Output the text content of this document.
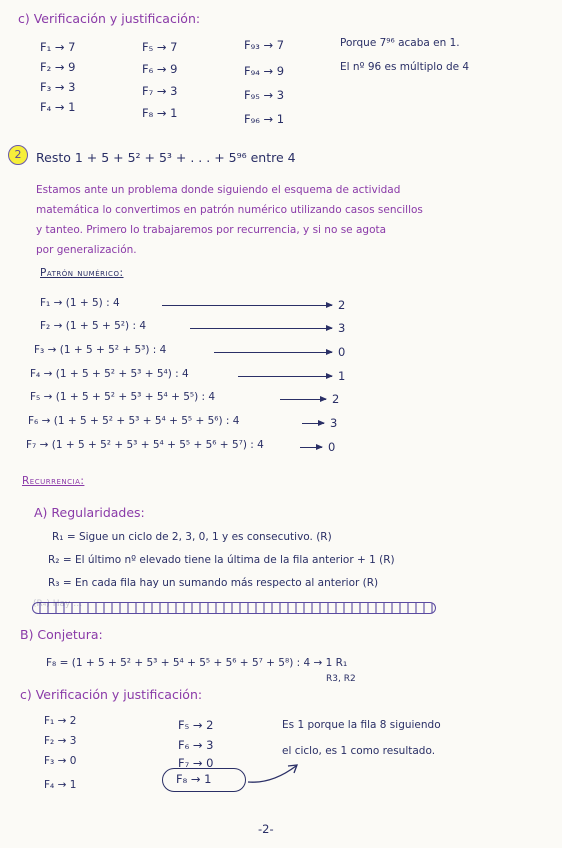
c) Verificación y justificación:
F₁ → 7
F₂ → 9
F₃ → 3
F₄ → 1
F₅ → 7
F₆ → 9
F₇ → 3
F₈ → 1
F₉₃ → 7
F₉₄ → 9
F₉₅ → 3
F₉₆ → 1
Porque 7⁹⁶ acaba en 1.
El nº 96 es múltiplo de 4
2	Resto 1 + 5 + 5² + 5³ + . . . + 5⁹⁶ entre 4
Estamos ante un problema donde siguiendo el esquema de actividad
matemática lo convertimos en patrón numérico utilizando casos sencillos
y tanteo. Primero lo trabajaremos por recurrencia, y si no se agota
por generalización.
Patrón numérico:
F₁ → (1 + 5) : 4	2
F₂ → (1 + 5 + 5²) : 4	3
F₃ → (1 + 5 + 5² + 5³) : 4	0
F₄ → (1 + 5 + 5² + 5³ + 5⁴) : 4	1
F₅ → (1 + 5 + 5² + 5³ + 5⁴ + 5⁵) : 4	2
F₆ → (1 + 5 + 5² + 5³ + 5⁴ + 5⁵ + 5⁶) : 4	3
F₇ → (1 + 5 + 5² + 5³ + 5⁴ + 5⁵ + 5⁶ + 5⁷) : 4	0
Recurrencia:
A) Regularidades:
R₁ = Sigue un ciclo de 2, 3, 0, 1 y es consecutivo. (R)
R₂ = El último nº elevado tiene la última de la fila anterior + 1 (R)
R₃ = En cada fila hay un sumando más respecto al anterior (R)
(R₄) Hay …
B) Conjetura:
F₈ = (1 + 5 + 5² + 5³ + 5⁴ + 5⁵ + 5⁶ + 5⁷ + 5⁸) : 4 → 1 R₁
R3, R2
c) Verificación y justificación:
F₁ → 2
F₂ → 3
F₃ → 0
F₄ → 1
F₅ → 2
F₆ → 3
F₇ → 0
F₈ → 1
Es 1 porque la fila 8 siguiendo
el ciclo, es 1 como resultado.
-2-
